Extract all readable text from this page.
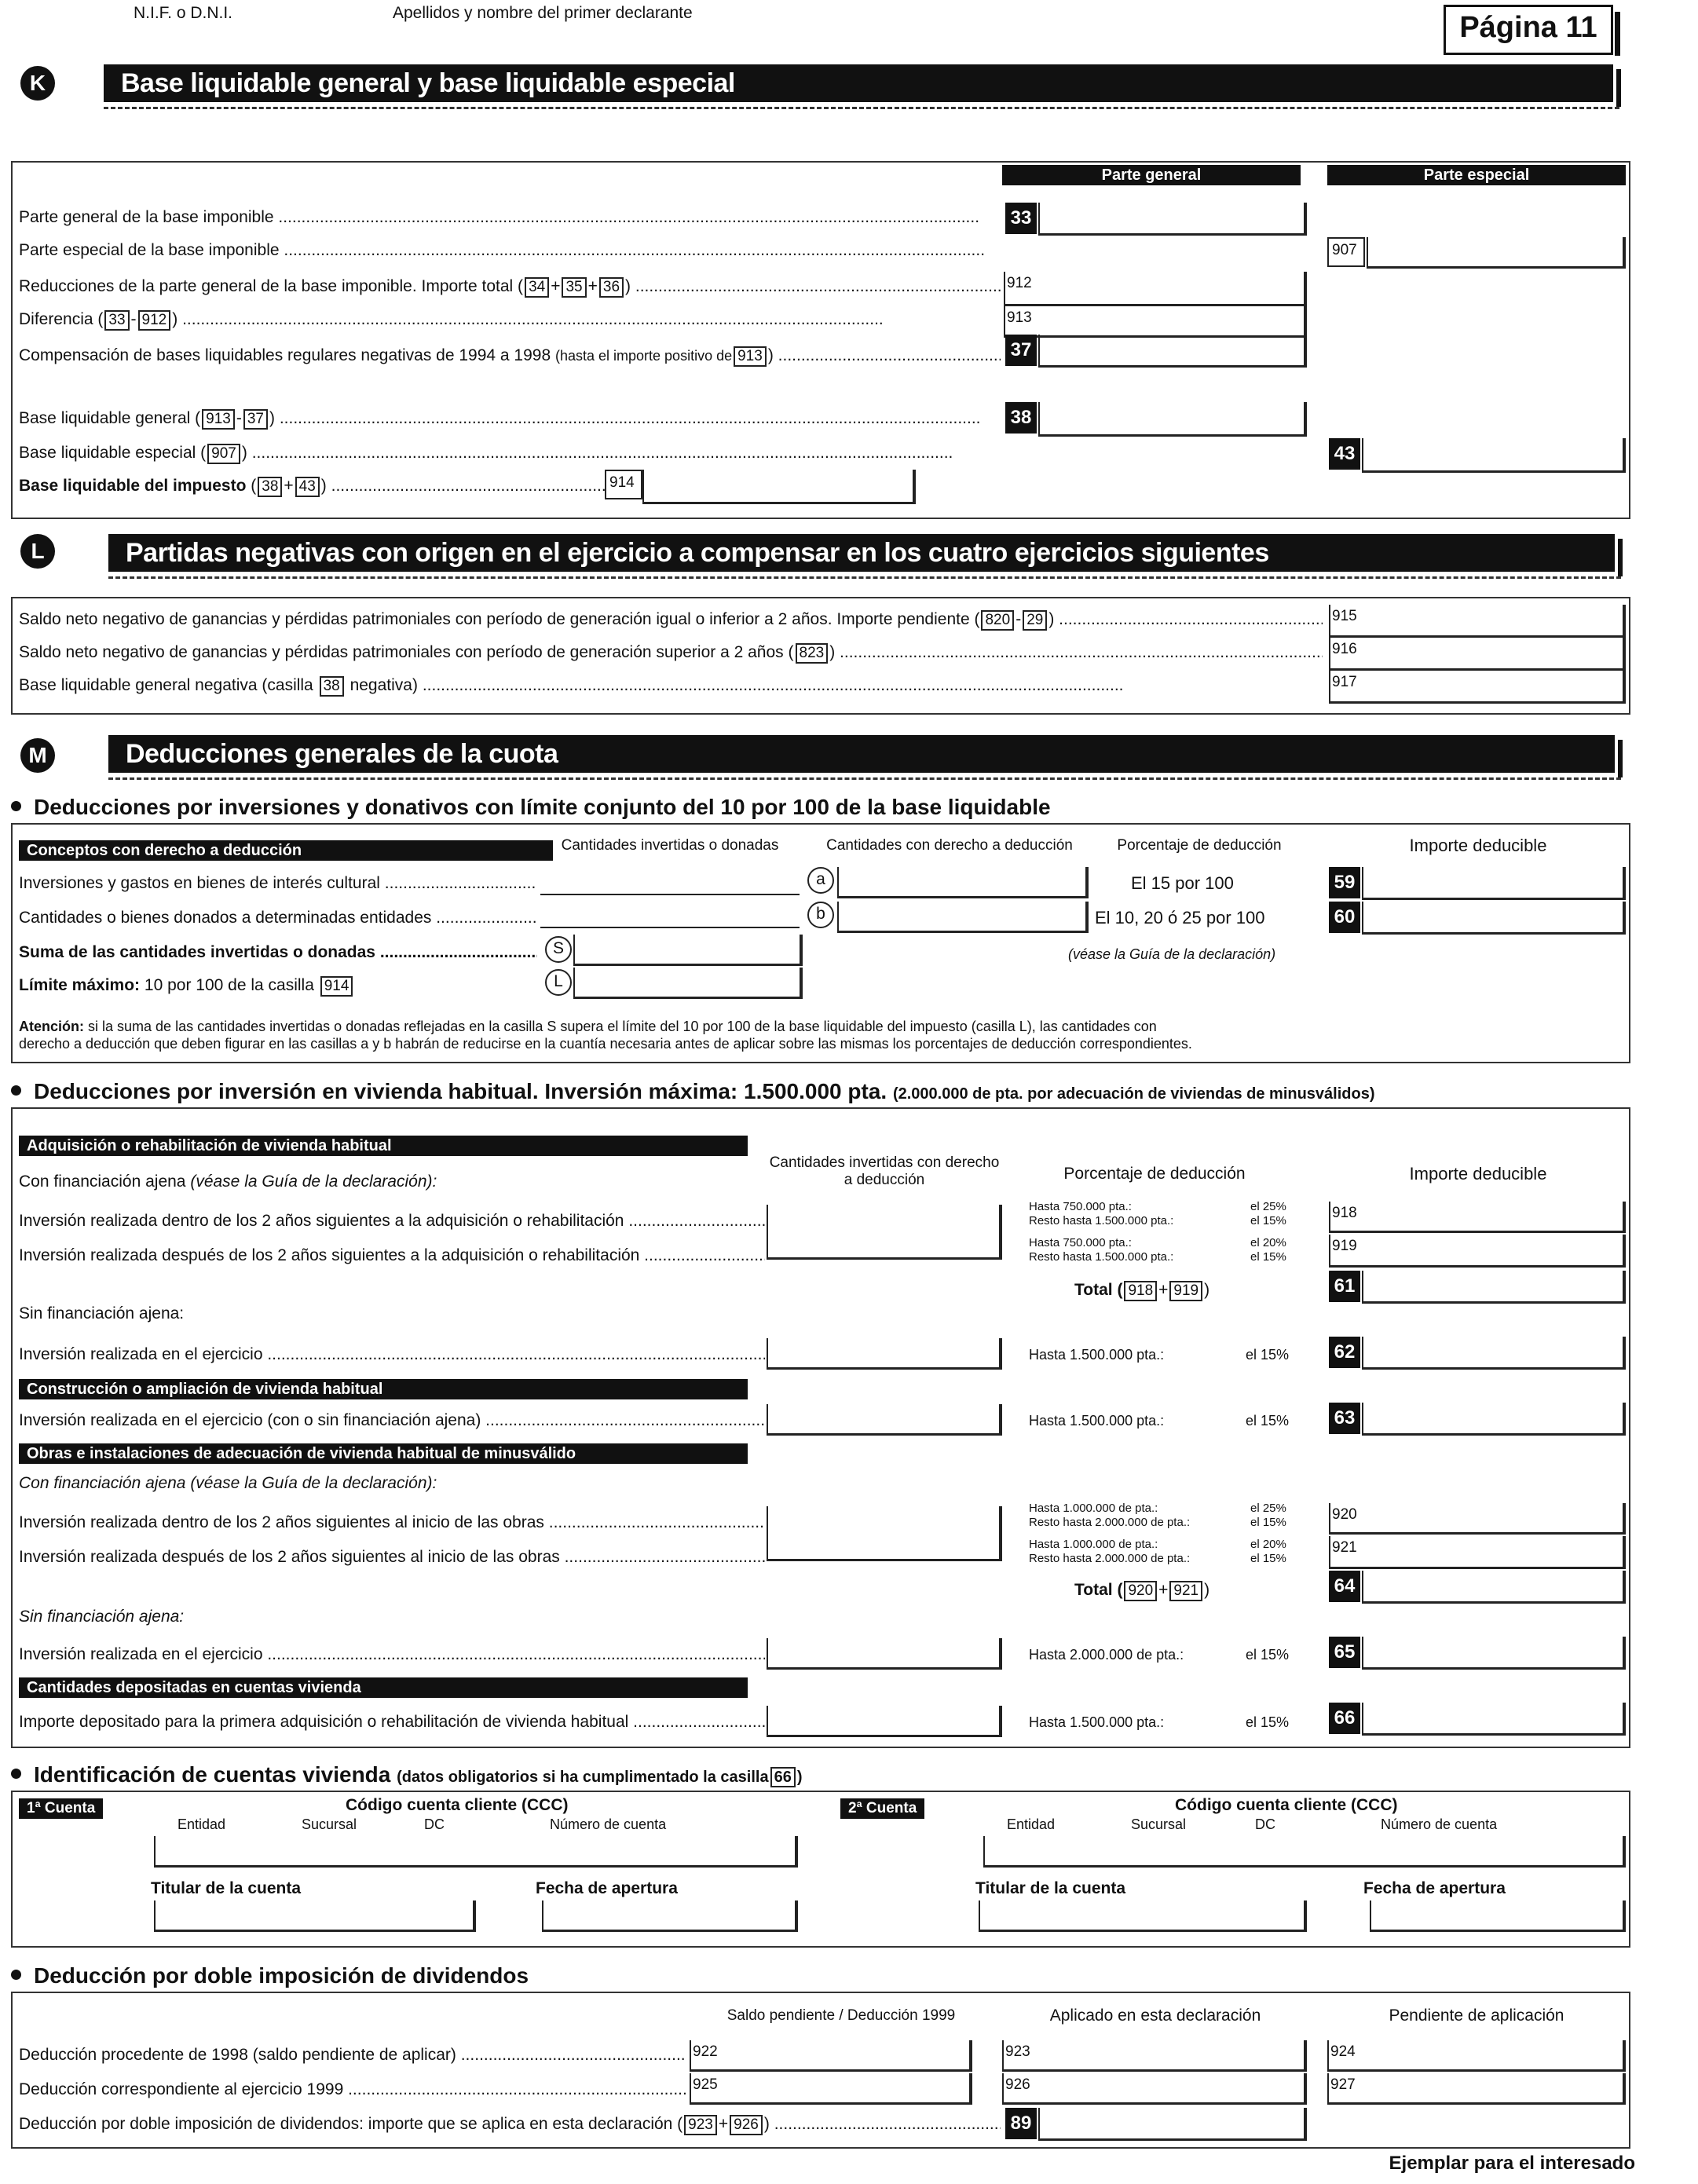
N.I.F. o D.N.I.	Apellidos y nombre del primer declarante	Página 11
K	Base liquidable general y base liquidable especial
Parte general	Parte especial
Parte general de la base imponible .....	33
Parte especial de la base imponible .....	907
Reducciones de la parte general de la base imponible. Importe total ( 34 + 35 + 36 ) .....	912
Diferencia ( 33 - 912 ) .....	913
Compensación de bases liquidables regulares negativas de 1994 a 1998 (hasta el importe positivo de 913 ) .....	37
Base liquidable general ( 913 - 37 ) .....	38
Base liquidable especial ( 907 ) .....	43
Base liquidable del impuesto ( 38 + 43 ) .....	914
L	Partidas negativas con origen en el ejercicio a compensar en los cuatro ejercicios siguientes
Saldo neto negativo de ganancias y pérdidas patrimoniales con período de generación igual o inferior a 2 años. Importe pendiente ( 820 - 29 ) .....	915
Saldo neto negativo de ganancias y pérdidas patrimoniales con período de generación superior a 2 años ( 823 ) .....	916
Base liquidable general negativa (casilla 38 negativa) .....	917
M	Deducciones generales de la cuota
Deducciones por inversiones y donativos con límite conjunto del 10 por 100 de la base liquidable
Conceptos con derecho a deducción	Cantidades invertidas o donadas	Cantidades con derecho a deducción	Porcentaje de deducción	Importe deducible
Inversiones y gastos en bienes de interés cultural .....	a	El 15 por 100	59
Cantidades o bienes donados a determinadas entidades .....	b	El 10, 20 ó 25 por 100	60
Suma de las cantidades invertidas o donadas .....	S	(véase la Guía de la declaración)
Límite máximo: 10 por 100 de la casilla 914	L
Atención: si la suma de las cantidades invertidas o donadas reflejadas en la casilla S supera el límite del 10 por 100 de la base liquidable del impuesto (casilla L), las cantidades con
derecho a deducción que deben figurar en las casillas a y b habrán de reducirse en la cuantía necesaria antes de aplicar sobre las mismas los porcentajes de deducción correspondientes.
Deducciones por inversión en vivienda habitual. Inversión máxima: 1.500.000 pta. (2.000.000 de pta. por adecuación de viviendas de minusválidos)
Adquisición o rehabilitación de vivienda habitual
Cantidades invertidas con derecho a deducción	Porcentaje de deducción	Importe deducible
Con financiación ajena (véase la Guía de la declaración):
Inversión realizada dentro de los 2 años siguientes a la adquisición o rehabilitación .....
Hasta 750.000 pta.:	el 25%
Resto hasta 1.500.000 pta.:	el 15%	918
Inversión realizada después de los 2 años siguientes a la adquisición o rehabilitación .....
Hasta 750.000 pta.:	el 20%
Resto hasta 1.500.000 pta.:	el 15%
919
Total ( 918 + 919 )	61
Sin financiación ajena:
Inversión realizada en el ejercicio .....	Hasta 1.500.000 pta.:	el 15% 62
Construcción o ampliación de vivienda habitual
Inversión realizada en el ejercicio (con o sin financiación ajena) .....	Hasta 1.500.000 pta.:	el 15% 63
Obras e instalaciones de adecuación de vivienda habitual de minusválido
Con financiación ajena (véase la Guía de la declaración):
Inversión realizada dentro de los 2 años siguientes al inicio de las obras .....
Hasta 1.000.000 de pta.:	el 25%
Resto hasta 2.000.000 de pta.:	el 15%	920
Inversión realizada después de los 2 años siguientes al inicio de las obras .....
Hasta 1.000.000 de pta.:	el 20%
Resto hasta 2.000.000 de pta.:	el 15%
921
Total ( 920 + 921 )	64
Sin financiación ajena:
Inversión realizada en el ejercicio .....	Hasta 2.000.000 de pta.:	el 15% 65
Cantidades depositadas en cuentas vivienda
Importe depositado para la primera adquisición o rehabilitación de vivienda habitual .....	Hasta 1.500.000 pta.:	el 15% 66
Identificación de cuentas vivienda (datos obligatorios si ha cumplimentado la casilla 66 )
1ª Cuenta	Código cuenta cliente (CCC)
Entidad	Sucursal	DC	Número de cuenta
Titular de la cuenta	Fecha de apertura
2ª Cuenta	Código cuenta cliente (CCC)
Entidad	Sucursal	DC	Número de cuenta
Titular de la cuenta	Fecha de apertura
Deducción por doble imposición de dividendos
Saldo pendiente / Deducción 1999	Aplicado en esta declaración	Pendiente de aplicación
Deducción procedente de 1998 (saldo pendiente de aplicar) .....	922	923	924
Deducción correspondiente al ejercicio 1999 .....	925	926	927
Deducción por doble imposición de dividendos: importe que se aplica en esta declaración ( 923 + 926 ) .....	89
Ejemplar para el interesado
